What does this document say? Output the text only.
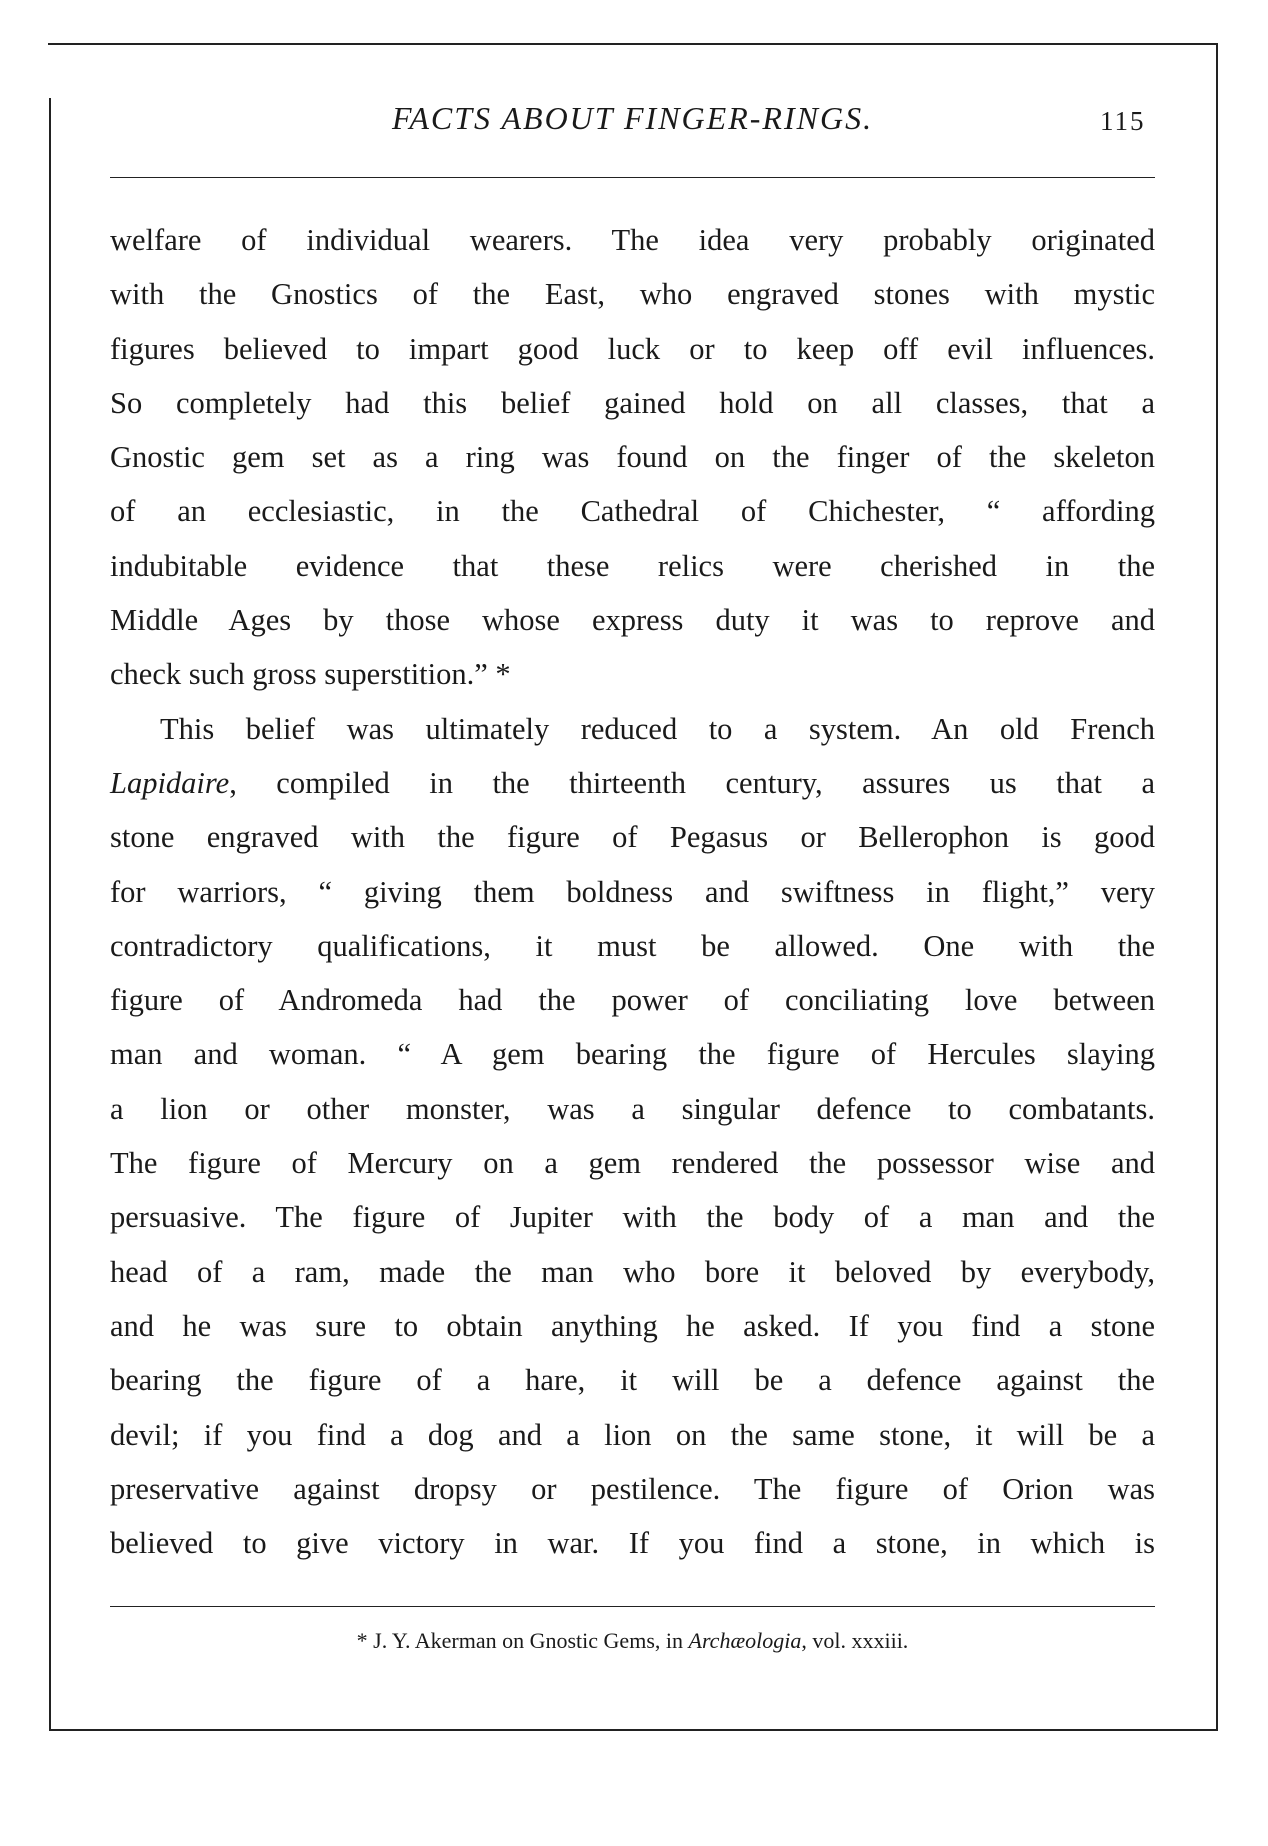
FACTS ABOUT FINGER-RINGS.	115
welfare of individual wearers. The idea very probably originated
with the Gnostics of the East, who engraved stones with mystic
figures believed to impart good luck or to keep off evil influences.
So completely had this belief gained hold on all classes, that a
Gnostic gem set as a ring was found on the finger of the skeleton
of an ecclesiastic, in the Cathedral of Chichester, “ affording
indubitable evidence that these relics were cherished in the
Middle Ages by those whose express duty it was to reprove and
check such gross superstition.” *
This belief was ultimately reduced to a system. An old French
Lapidaire, compiled in the thirteenth century, assures us that a
stone engraved with the figure of Pegasus or Bellerophon is good
for warriors, “ giving them boldness and swiftness in flight,” very
contradictory qualifications, it must be allowed. One with the
figure of Andromeda had the power of conciliating love between
man and woman. “ A gem bearing the figure of Hercules slaying
a lion or other monster, was a singular defence to combatants.
The figure of Mercury on a gem rendered the possessor wise and
persuasive. The figure of Jupiter with the body of a man and the
head of a ram, made the man who bore it beloved by everybody,
and he was sure to obtain anything he asked. If you find a stone
bearing the figure of a hare, it will be a defence against the
devil; if you find a dog and a lion on the same stone, it will be a
preservative against dropsy or pestilence. The figure of Orion was
believed to give victory in war. If you find a stone, in which is
* J. Y. Akerman on Gnostic Gems, in Archæologia, vol. xxxiii.
